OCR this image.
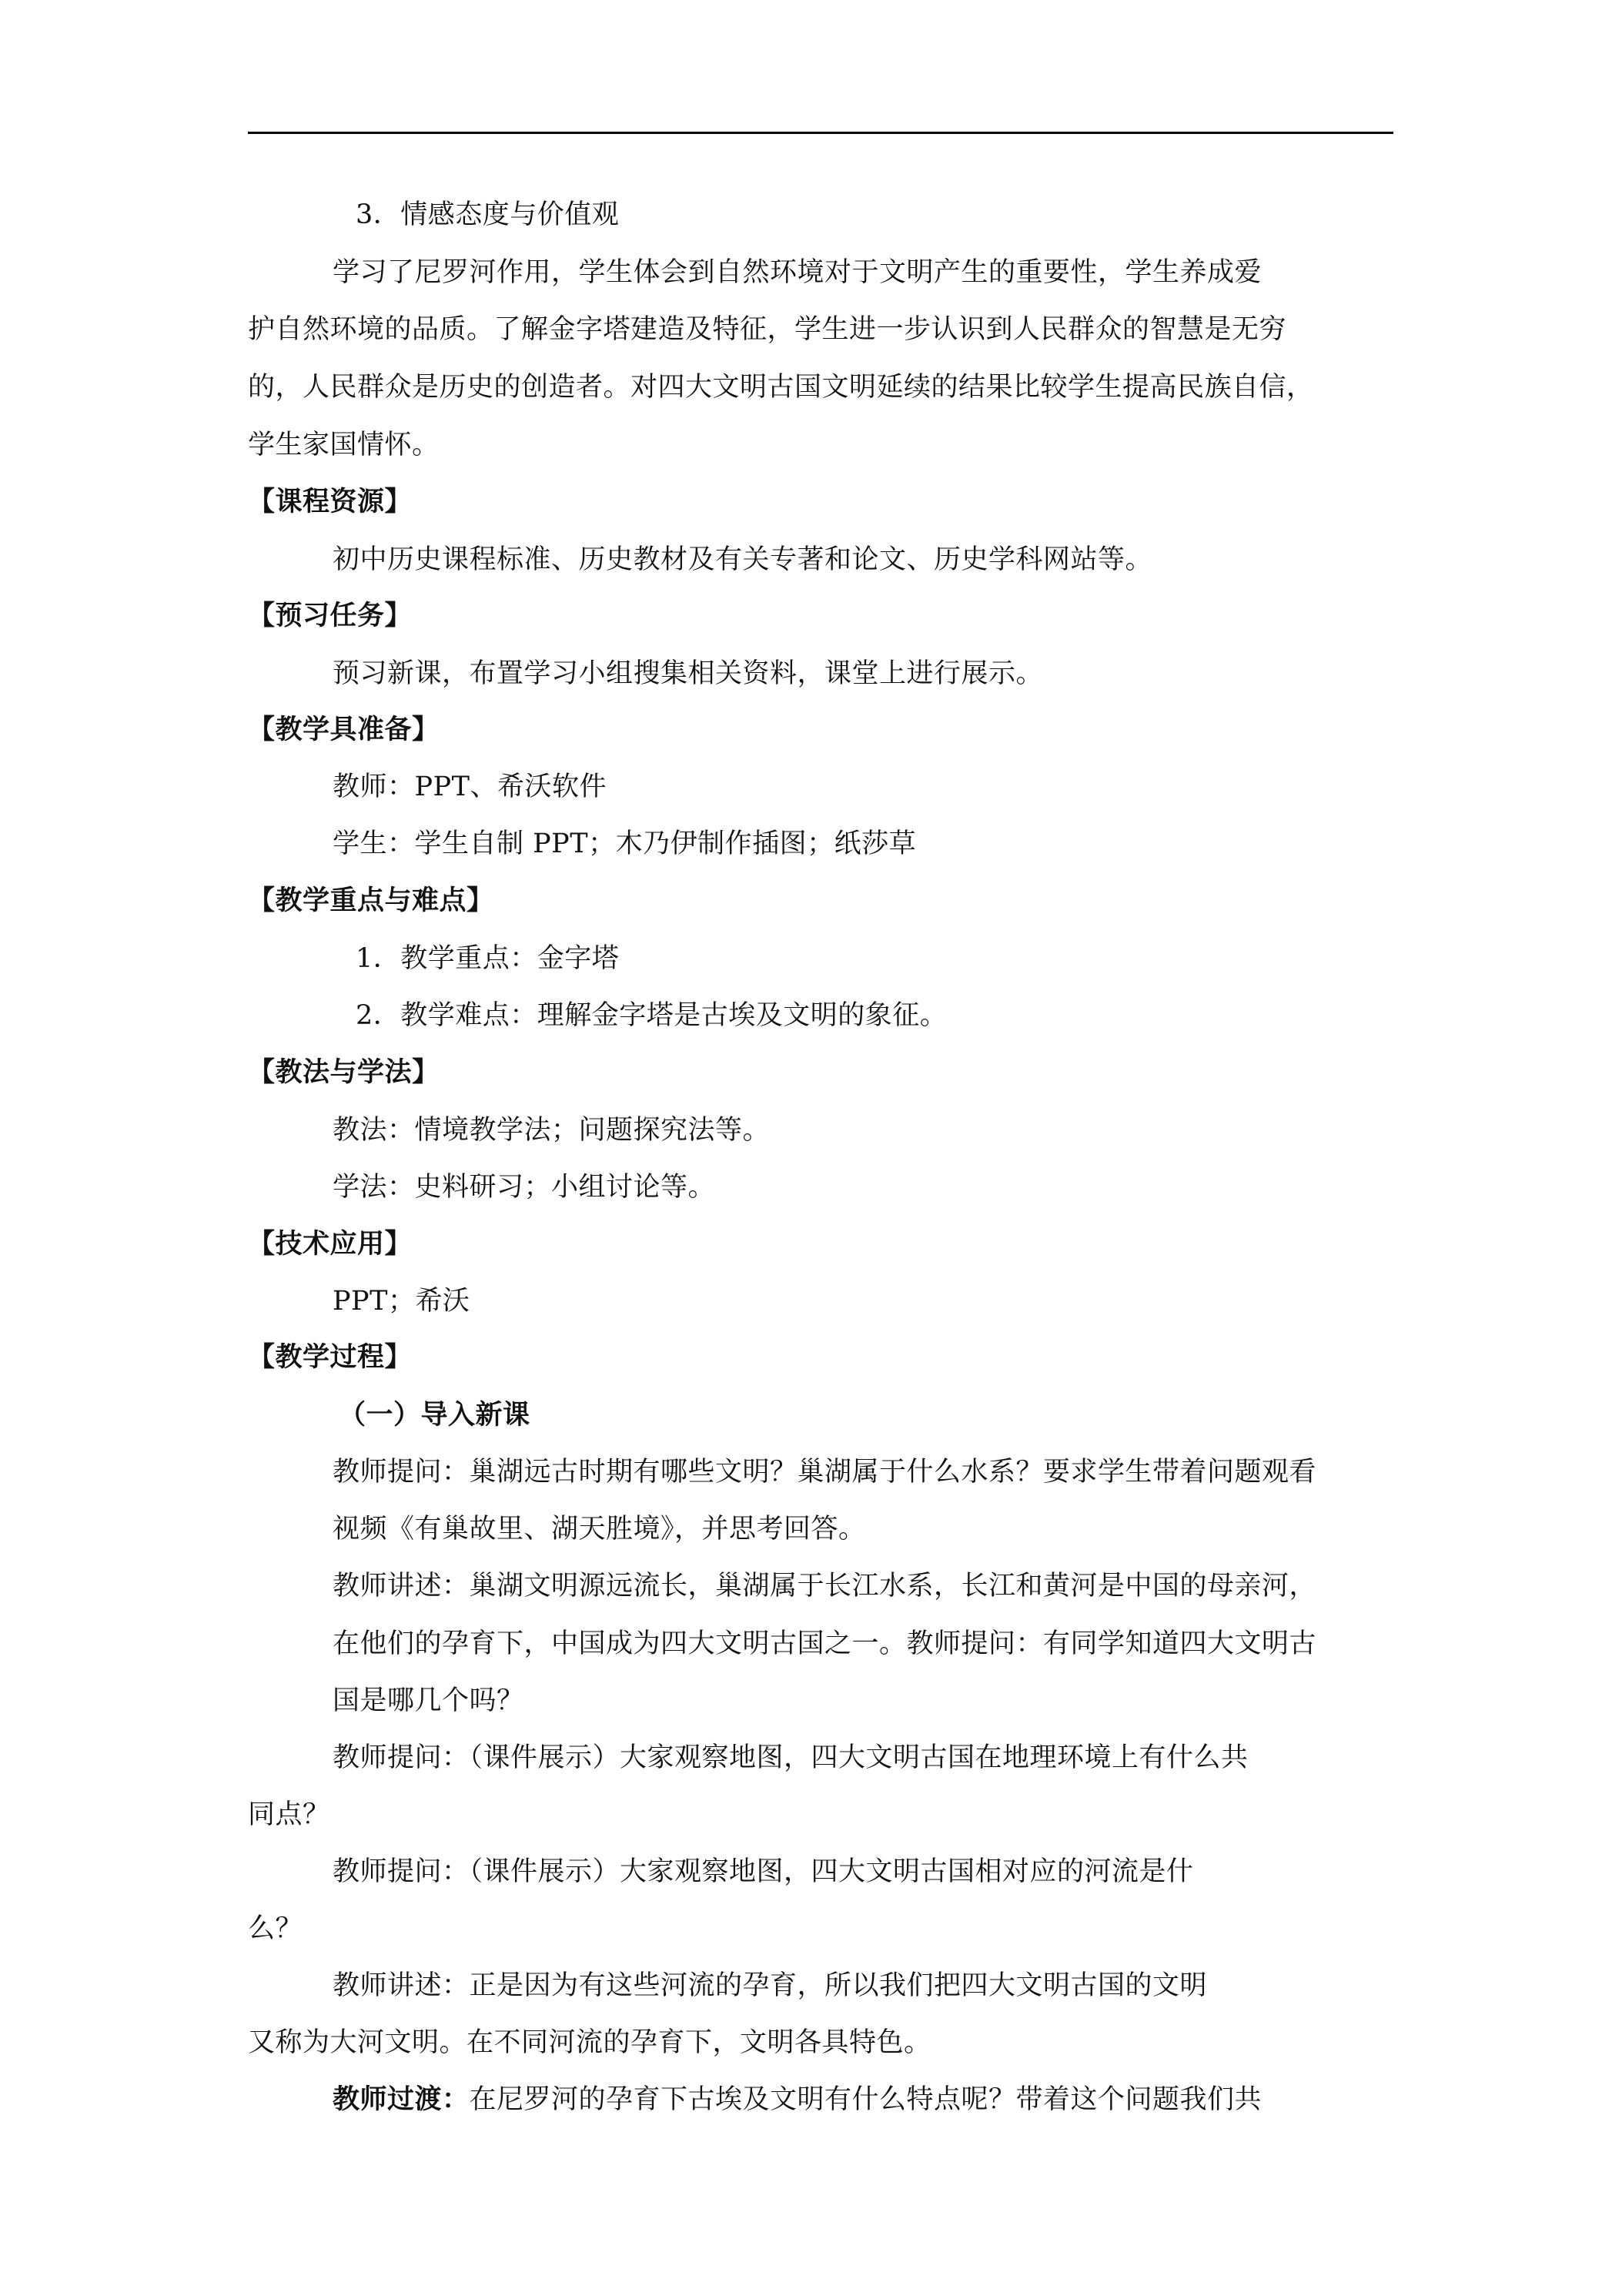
3．情感态度与价值观
学习了尼罗河作用，学生体会到自然环境对于文明产生的重要性，学生养成爱
护自然环境的品质。了解金字塔建造及特征，学生进一步认识到人民群众的智慧是无穷
的，人民群众是历史的创造者。对四大文明古国文明延续的结果比较学生提高民族自信，
学生家国情怀。
【课程资源】
初中历史课程标准、历史教材及有关专著和论文、历史学科网站等。
【预习任务】
预习新课，布置学习小组搜集相关资料，课堂上进行展示。
【教学具准备】
教师：PPT、希沃软件
学生：学生自制 PPT；木乃伊制作插图；纸莎草
【教学重点与难点】
1．教学重点：金字塔
2．教学难点：理解金字塔是古埃及文明的象征。
【教法与学法】
教法：情境教学法；问题探究法等。
学法：史料研习；小组讨论等。
【技术应用】
PPT；希沃
【教学过程】
（一）导入新课
教师提问：巢湖远古时期有哪些文明？巢湖属于什么水系？要求学生带着问题观看
视频《有巢故里、湖天胜境》，并思考回答。
教师讲述：巢湖文明源远流长，巢湖属于长江水系，长江和黄河是中国的母亲河，
在他们的孕育下，中国成为四大文明古国之一。教师提问：有同学知道四大文明古
国是哪几个吗？
教师提问：（课件展示）大家观察地图，四大文明古国在地理环境上有什么共
同点？
教师提问：（课件展示）大家观察地图，四大文明古国相对应的河流是什
么？
教师讲述：正是因为有这些河流的孕育，所以我们把四大文明古国的文明
又称为大河文明。在不同河流的孕育下，文明各具特色。
教师过渡：在尼罗河的孕育下古埃及文明有什么特点呢？带着这个问题我们共
